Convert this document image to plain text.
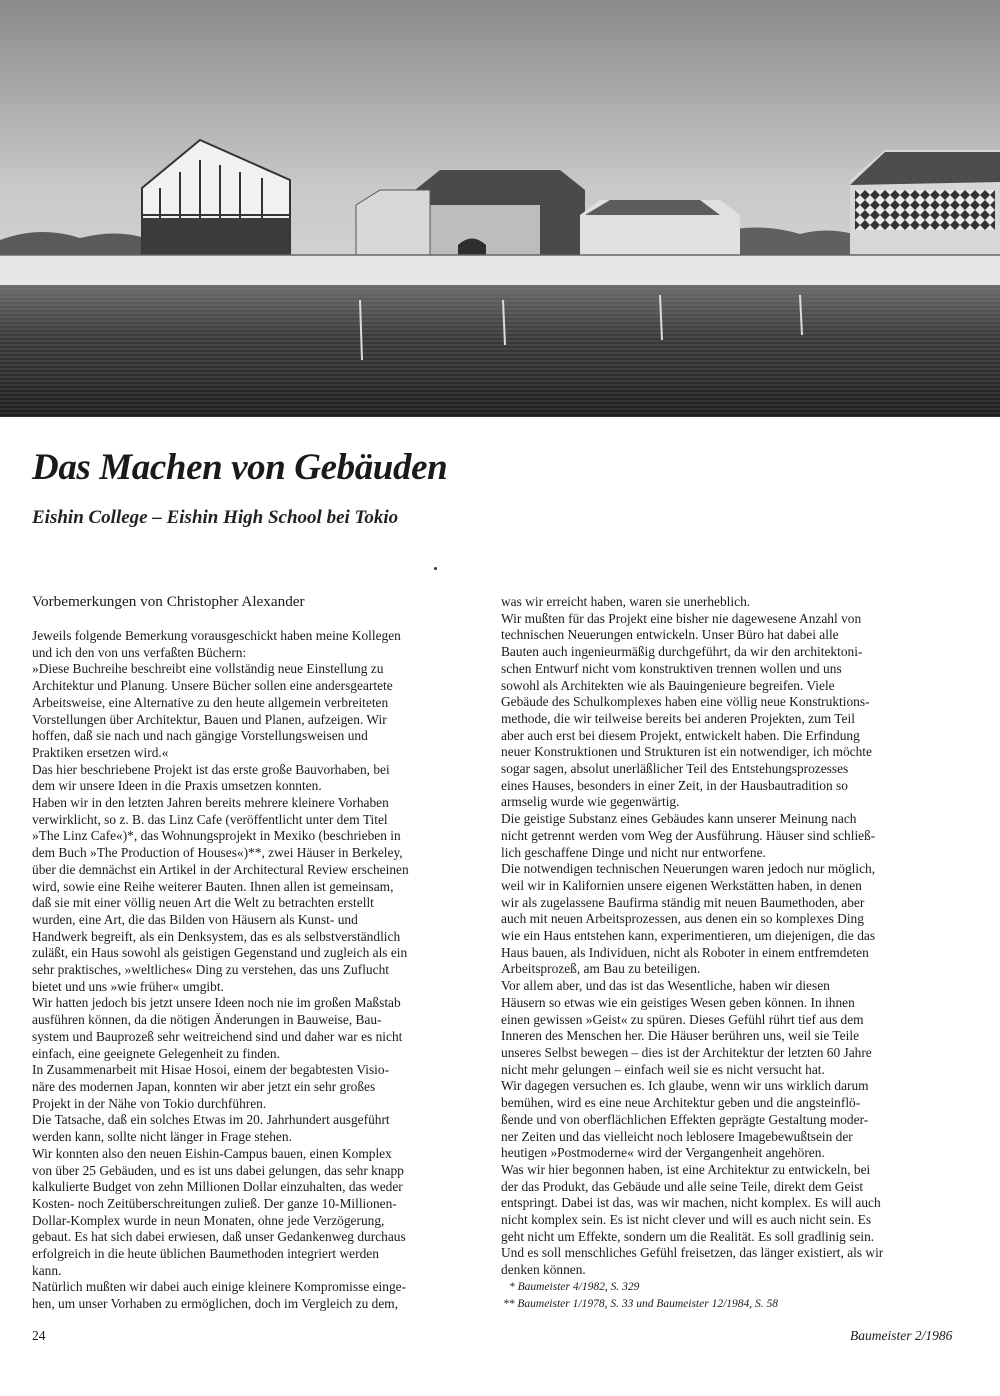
Das Machen von Gebäuden
Eishin College – Eishin High School bei Tokio

Vorbemerkungen von Christopher Alexander

Jeweils folgende Bemerkung vorausgeschickt haben meine Kollegen

und ich den von uns verfaßten Büchern:

»Diese Buchreihe beschreibt eine vollständig neue Einstellung zu

Architektur und Planung. Unsere Bücher sollen eine andersgeartete

Arbeitsweise, eine Alternative zu den heute allgemein verbreiteten

Vorstellungen über Architektur, Bauen und Planen, aufzeigen. Wir

hoffen, daß sie nach und nach gängige Vorstellungsweisen und

Praktiken ersetzen wird.«

Das hier beschriebene Projekt ist das erste große Bauvorhaben, bei

dem wir unsere Ideen in die Praxis umsetzen konnten.

Haben wir in den letzten Jahren bereits mehrere kleinere Vorhaben

verwirklicht, so z. B. das Linz Cafe (veröffentlicht unter dem Titel

»The Linz Cafe«)*, das Wohnungsprojekt in Mexiko (beschrieben in

dem Buch »The Production of Houses«)**, zwei Häuser in Berkeley,

über die demnächst ein Artikel in der Architectural Review erscheinen

wird, sowie eine Reihe weiterer Bauten. Ihnen allen ist gemeinsam,

daß sie mit einer völlig neuen Art die Welt zu betrachten erstellt

wurden, eine Art, die das Bilden von Häusern als Kunst- und

Handwerk begreift, als ein Denksystem, das es als selbstverständlich

zuläßt, ein Haus sowohl als geistigen Gegenstand und zugleich als ein

sehr praktisches, »weltliches« Ding zu verstehen, das uns Zuflucht

bietet und uns »wie früher« umgibt.

Wir hatten jedoch bis jetzt unsere Ideen noch nie im großen Maßstab

ausführen können, da die nötigen Änderungen in Bauweise, Bau-

system und Bauprozeß sehr weitreichend sind und daher war es nicht

einfach, eine geeignete Gelegenheit zu finden.

In Zusammenarbeit mit Hisae Hosoi, einem der begabtesten Visio-

näre des modernen Japan, konnten wir aber jetzt ein sehr großes

Projekt in der Nähe von Tokio durchführen.

Die Tatsache, daß ein solches Etwas im 20. Jahrhundert ausgeführt

werden kann, sollte nicht länger in Frage stehen.

Wir konnten also den neuen Eishin-Campus bauen, einen Komplex

von über 25 Gebäuden, und es ist uns dabei gelungen, das sehr knapp

kalkulierte Budget von zehn Millionen Dollar einzuhalten, das weder

Kosten- noch Zeitüberschreitungen zuließ. Der ganze 10-Millionen-

Dollar-Komplex wurde in neun Monaten, ohne jede Verzögerung,

gebaut. Es hat sich dabei erwiesen, daß unser Gedankenweg durchaus

erfolgreich in die heute üblichen Baumethoden integriert werden

kann.

Natürlich mußten wir dabei auch einige kleinere Kompromisse einge-

hen, um unser Vorhaben zu ermöglichen, doch im Vergleich zu dem,

was wir erreicht haben, waren sie unerheblich.

Wir mußten für das Projekt eine bisher nie dagewesene Anzahl von

technischen Neuerungen entwickeln. Unser Büro hat dabei alle

Bauten auch ingenieurmäßig durchgeführt, da wir den architektoni-

schen Entwurf nicht vom konstruktiven trennen wollen und uns

sowohl als Architekten wie als Bauingenieure begreifen. Viele

Gebäude des Schulkomplexes haben eine völlig neue Konstruktions-

methode, die wir teilweise bereits bei anderen Projekten, zum Teil

aber auch erst bei diesem Projekt, entwickelt haben. Die Erfindung

neuer Konstruktionen und Strukturen ist ein notwendiger, ich möchte

sogar sagen, absolut unerläßlicher Teil des Entstehungsprozesses

eines Hauses, besonders in einer Zeit, in der Hausbautradition so

armselig wurde wie gegenwärtig.

Die geistige Substanz eines Gebäudes kann unserer Meinung nach

nicht getrennt werden vom Weg der Ausführung. Häuser sind schließ-

lich geschaffene Dinge und nicht nur entworfene.

Die notwendigen technischen Neuerungen waren jedoch nur möglich,

weil wir in Kalifornien unsere eigenen Werkstätten haben, in denen

wir als zugelassene Baufirma ständig mit neuen Baumethoden, aber

auch mit neuen Arbeitsprozessen, aus denen ein so komplexes Ding

wie ein Haus entstehen kann, experimentieren, um diejenigen, die das

Haus bauen, als Individuen, nicht als Roboter in einem entfremdeten

Arbeitsprozeß, am Bau zu beteiligen.

Vor allem aber, und das ist das Wesentliche, haben wir diesen

Häusern so etwas wie ein geistiges Wesen geben können. In ihnen

einen gewissen »Geist« zu spüren. Dieses Gefühl rührt tief aus dem

Inneren des Menschen her. Die Häuser berühren uns, weil sie Teile

unseres Selbst bewegen – dies ist der Architektur der letzten 60 Jahre

nicht mehr gelungen – einfach weil sie es nicht versucht hat.

Wir dagegen versuchen es. Ich glaube, wenn wir uns wirklich darum

bemühen, wird es eine neue Architektur geben und die angsteinflö-

ßende und von oberflächlichen Effekten geprägte Gestaltung moder-

ner Zeiten und das vielleicht noch leblosere Imagebewußtsein der

heutigen »Postmoderne« wird der Vergangenheit angehören.

Was wir hier begonnen haben, ist eine Architektur zu entwickeln, bei

der das Produkt, das Gebäude und alle seine Teile, direkt dem Geist

entspringt. Dabei ist das, was wir machen, nicht komplex. Es will auch

nicht komplex sein. Es ist nicht clever und will es auch nicht sein. Es

geht nicht um Effekte, sondern um die Realität. Es soll gradlinig sein.

Und es soll menschliches Gefühl freisetzen, das länger existiert, als wir

denken können.

* Baumeister 4/1982, S. 329

** Baumeister 1/1978, S. 33 und Baumeister 12/1984, S. 58

24	Baumeister 2/1986
